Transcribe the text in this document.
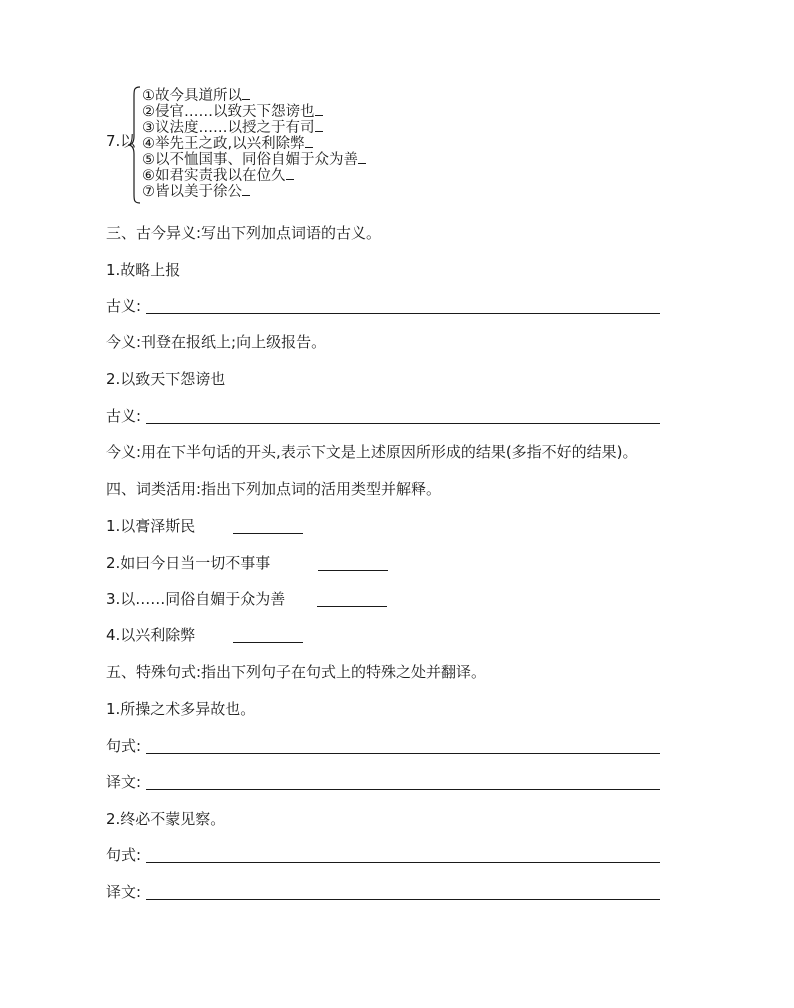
7.以
①故今具道所以
②侵官……以致天下怨谤也
③议法度……以授之于有司
④举先王之政,以兴利除弊
⑤以不恤国事、同俗自媚于众为善
⑥如君实责我以在位久
⑦皆以美于徐公
三、古今异义:写出下列加点词语的古义。
1.故略上报
古义:
今义:刊登在报纸上;向上级报告。
2.以致天下怨谤也
古义:
今义:用在下半句话的开头,表示下文是上述原因所形成的结果(多指不好的结果)。
四、词类活用:指出下列加点词的活用类型并解释。
1.以膏泽斯民
2.如曰今日当一切不事事
3.以……同俗自媚于众为善
4.以兴利除弊
五、特殊句式:指出下列句子在句式上的特殊之处并翻译。
1.所操之术多异故也。
句式:
译文:
2.终必不蒙见察。
句式:
译文:
